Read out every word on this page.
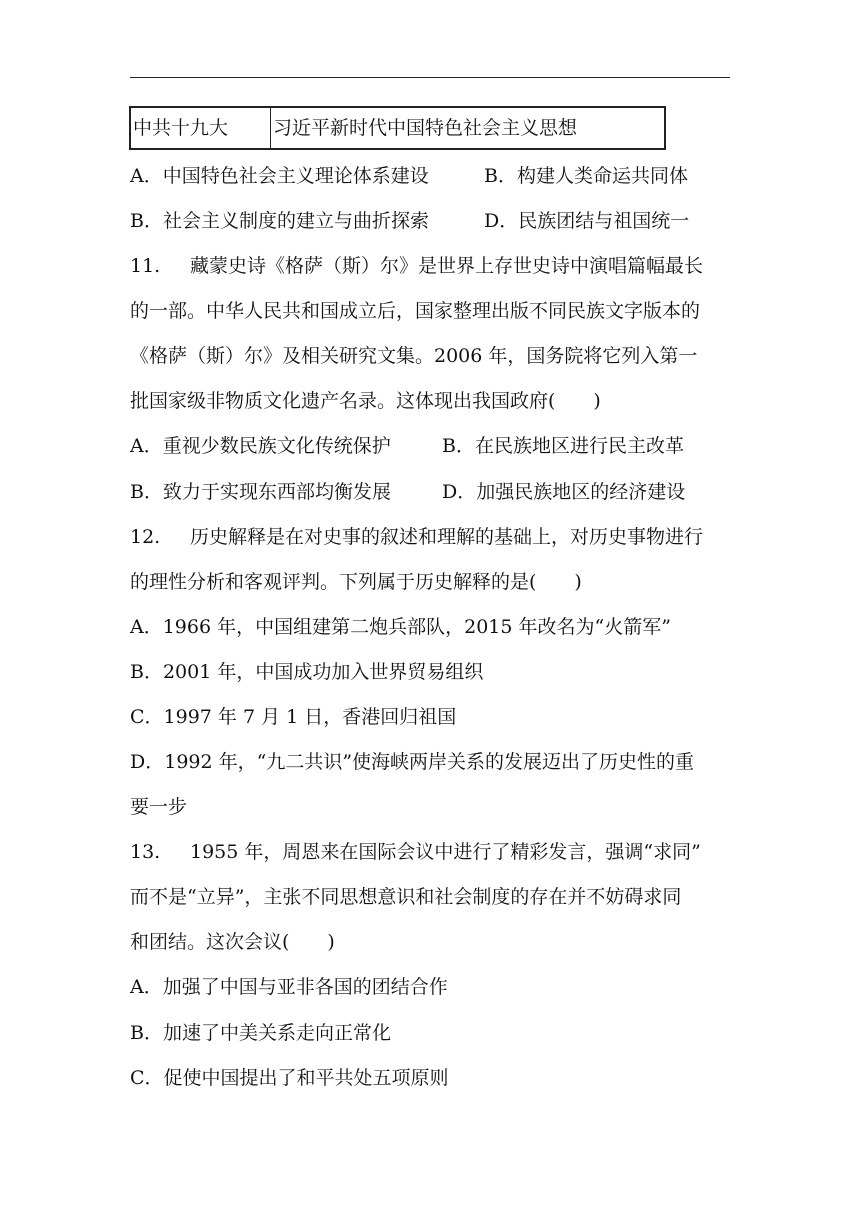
中共十九大	习近平新时代中国特色社会主义思想
A．中国特色社会主义理论体系建设	B．构建人类命运共同体
B．社会主义制度的建立与曲折探索	D．民族团结与祖国统一
11. 藏蒙史诗《格萨（斯）尔》是世界上存世史诗中演唱篇幅最长
的一部。中华人民共和国成立后，国家整理出版不同民族文字版本的
《格萨（斯）尔》及相关研究文集。2006 年，国务院将它列入第一
批国家级非物质文化遗产名录。这体现出我国政府(　　)
A．重视少数民族文化传统保护	B．在民族地区进行民主改革
B．致力于实现东西部均衡发展	D．加强民族地区的经济建设
12. 历史解释是在对史事的叙述和理解的基础上，对历史事物进行
的理性分析和客观评判。下列属于历史解释的是(　　)
A．1966 年，中国组建第二炮兵部队，2015 年改名为“火箭军”
B．2001 年，中国成功加入世界贸易组织
C．1997 年 7 月 1 日，香港回归祖国
D．1992 年，“九二共识”使海峡两岸关系的发展迈出了历史性的重
要一步
13. 1955 年，周恩来在国际会议中进行了精彩发言，强调“求同”
而不是“立异”，主张不同思想意识和社会制度的存在并不妨碍求同
和团结。这次会议(　　)
A．加强了中国与亚非各国的团结合作
B．加速了中美关系走向正常化
C．促使中国提出了和平共处五项原则
